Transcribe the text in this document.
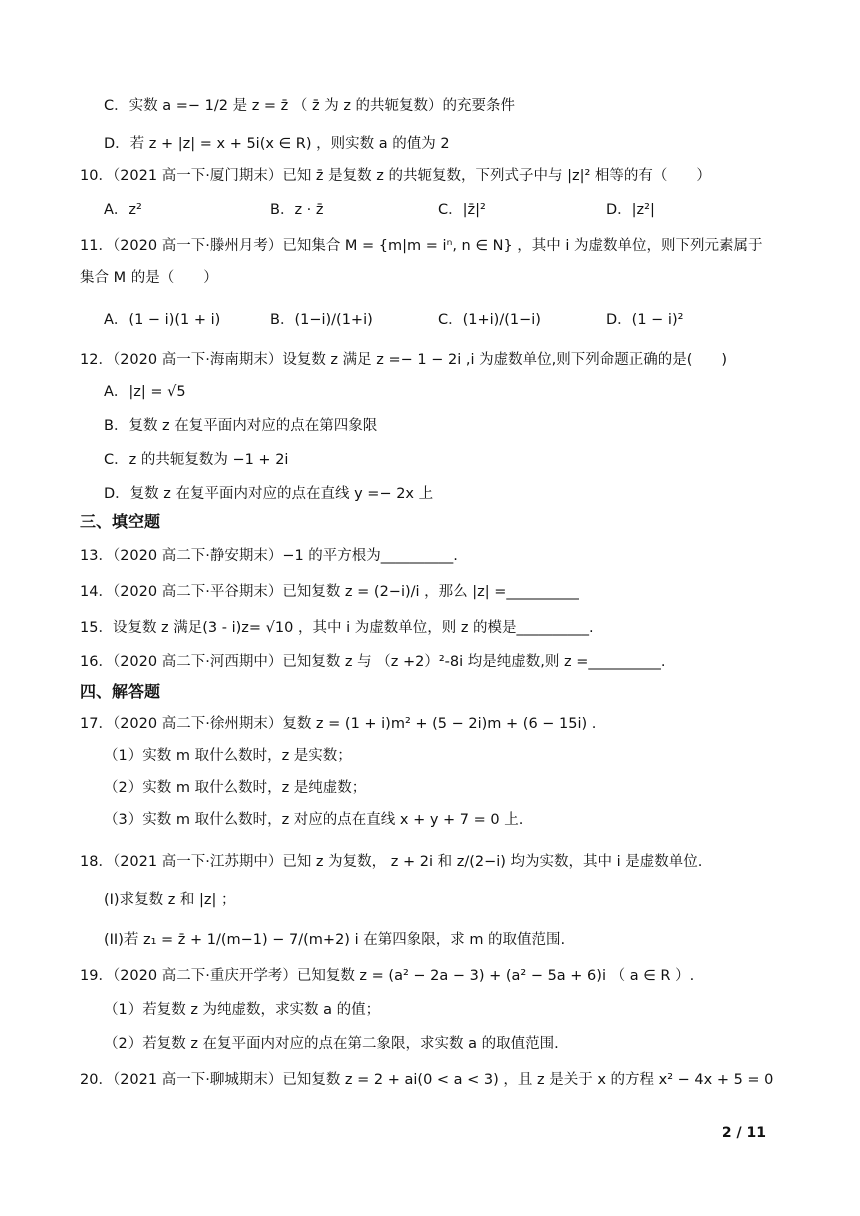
C．实数 a =− 1/2 是 z = z̄ （ z̄ 为 z 的共轭复数）的充要条件
D．若 z + |z| = x + 5i(x ∈ R) ，则实数 a 的值为 2
10．（2021 高一下·厦门期末）已知 z̄ 是复数 z 的共轭复数，下列式子中与 |z|² 相等的有（　　）
A．z²	B．z · z̄	C．|z̄|²	D．|z²|
11．（2020 高一下·滕州月考）已知集合 M = {m|m = iⁿ, n ∈ N} ，其中 i 为虚数单位，则下列元素属于
集合 M 的是（　　）
A．(1 − i)(1 + i)	B．(1−i)/(1+i)	C．(1+i)/(1−i)	D．(1 − i)²
12．（2020 高一下·海南期末）设复数 z 满足 z =− 1 − 2i ,i 为虚数单位,则下列命题正确的是(　　)
A．|z| = √5
B．复数 z 在复平面内对应的点在第四象限
C．z 的共轭复数为 −1 + 2i
D．复数 z 在复平面内对应的点在直线 y =− 2x 上
三、填空题
13．（2020 高二下·静安期末）−1 的平方根为__________.
14．（2020 高二下·平谷期末）已知复数 z = (2−i)/i ，那么 |z| =__________
15．设复数 z 满足(3 - i)z= √10 ，其中 i 为虚数单位，则 z 的模是__________.
16．（2020 高二下·河西期中）已知复数 z 与 （z +2）²-8i 均是纯虚数,则 z =__________.
四、解答题
17．（2020 高二下·徐州期末）复数 z = (1 + i)m² + (5 − 2i)m + (6 − 15i) .
（1）实数 m 取什么数时，z 是实数；
（2）实数 m 取什么数时，z 是纯虚数；
（3）实数 m 取什么数时，z 对应的点在直线 x + y + 7 = 0 上.
18．（2021 高一下·江苏期中）已知 z 为复数， z + 2i 和 z/(2−i) 均为实数，其中 i 是虚数单位.
(I)求复数 z 和 |z| ；
(II)若 z₁ = z̄ + 1/(m−1) − 7/(m+2) i 在第四象限，求 m 的取值范围.
19．（2020 高二下·重庆开学考）已知复数 z = (a² − 2a − 3) + (a² − 5a + 6)i （ a ∈ R ）.
（1）若复数 z 为纯虚数，求实数 a 的值；
（2）若复数 z 在复平面内对应的点在第二象限，求实数 a 的取值范围.
20．（2021 高一下·聊城期末）已知复数 z = 2 + ai(0 < a < 3) ，且 z 是关于 x 的方程 x² − 4x + 5 = 0
2 / 11
